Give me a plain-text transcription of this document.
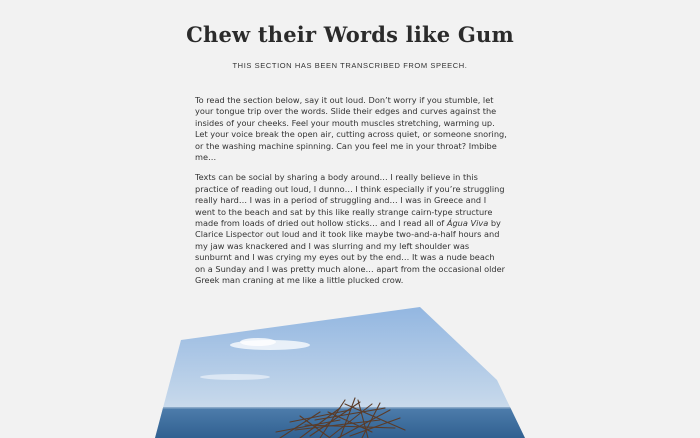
Chew their Words like Gum
THIS SECTION HAS BEEN TRANSCRIBED FROM SPEECH.

To read the section below, say it out loud. Don’t worry if you stumble, let your tongue trip over the words. Slide their edges and curves against the insides of your cheeks. Feel your mouth muscles stretching, warming up. Let your voice break the open air, cutting across quiet, or someone snoring, or the washing machine spinning. Can you feel me in your throat? Imbibe me…

Texts can be social by sharing a body around… I really believe in this practice of reading out loud, I dunno… I think especially if you’re struggling really hard… I was in a period of struggling and… I was in Greece and I went to the beach and sat by this like really strange cairn-type structure made from loads of dried out hollow sticks… and I read all of Água Viva by Clarice Lispector out loud and it took like maybe two-and-a-half hours and my jaw was knackered and I was slurring and my left shoulder was sunburnt and I was crying my eyes out by the end… It was a nude beach on a Sunday and I was pretty much alone… apart from the occasional older Greek man craning at me like a little plucked crow.
